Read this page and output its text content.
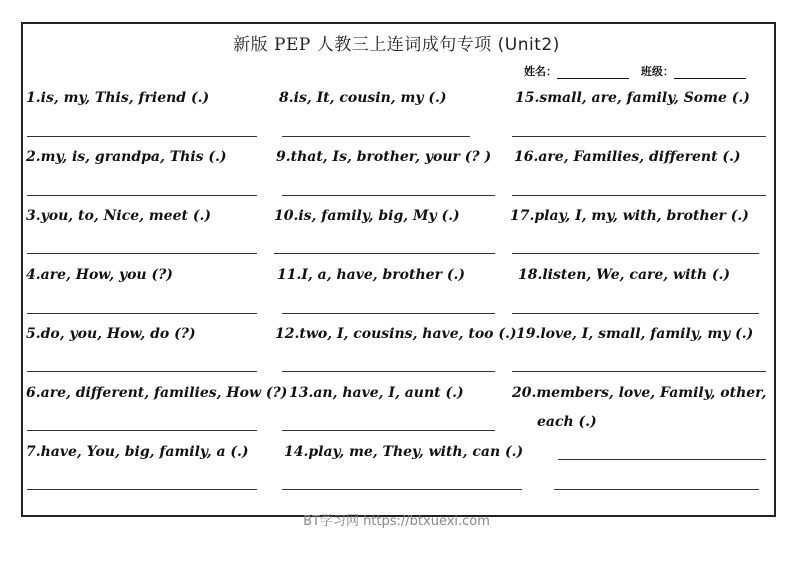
新版 PEP 人教三上连词成句专项 (Unit2)
姓名：	班级：
1.is, my, This, friend (.)
2.my, is, grandpa, This (.)
3.you, to, Nice, meet (.)
4.are, How, you (?)
5.do, you, How, do (?)
6.are, different, families, How (?)
7.have, You, big, family, a (.)
8.is, It, cousin, my (.)
9.that, Is, brother, your (? )
10.is, family, big, My (.)
11.I, a, have, brother (.)
12.two, I, cousins, have, too (.)
13.an, have, I, aunt (.)
14.play, me, They, with, can (.)
15.small, are, family, Some (.)
16.are, Families, different (.)
17.play, I, my, with, brother (.)
18.listen, We, care, with (.)
19.love, I, small, family, my (.)
20.members, love, Family, other,
each (.)
BT学习网 https://btxuexi.com
